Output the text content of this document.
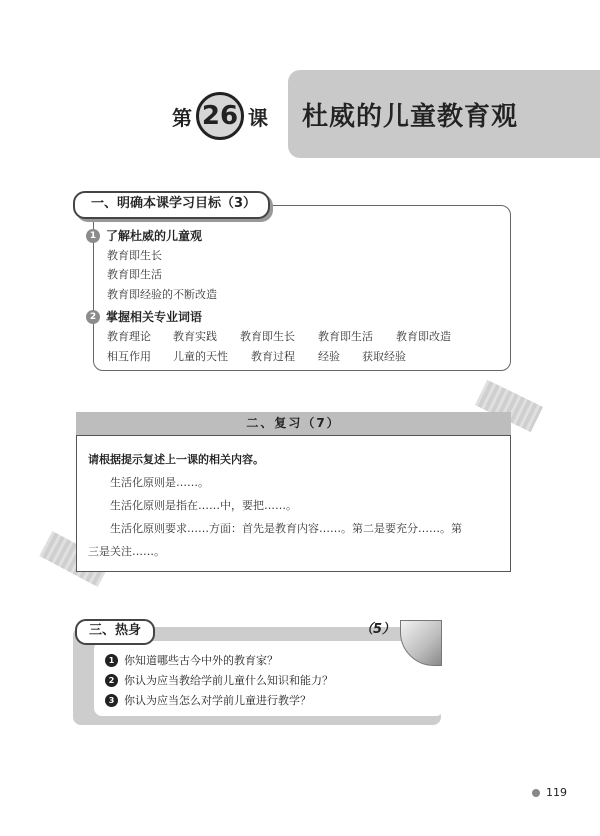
第 26 课 杜威的儿童教育观
一、明确本课学习目标（3）
1 了解杜威的儿童观
教育即生长
教育即生活
教育即经验的不断改造
2 掌握相关专业词语
教育理论 教育实践 教育即生长 教育即生活 教育即改造
相互作用 儿童的天性 教育过程 经验 获取经验
二、复习（7）
请根据提示复述上一课的相关内容。
生活化原则是……。
生活化原则是指在……中，要把……。
生活化原则要求……方面：首先是教育内容……。第二是要充分……。第
三是关注……。
三、热身	（5）
1 你知道哪些古今中外的教育家？
2 你认为应当教给学前儿童什么知识和能力？
3 你认为应当怎么对学前儿童进行教学？
119
